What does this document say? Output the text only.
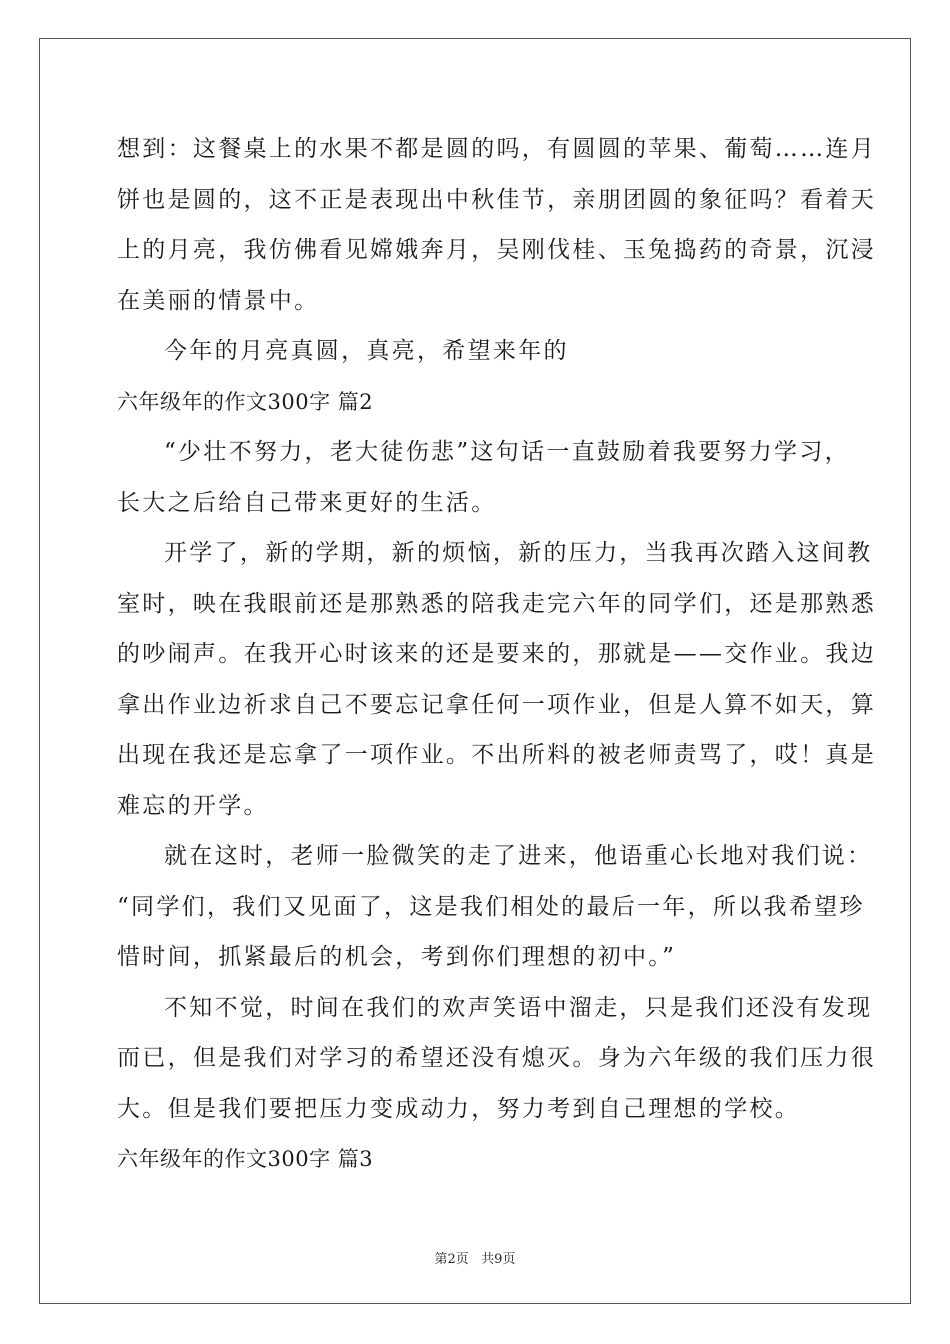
想到：这餐桌上的水果不都是圆的吗，有圆圆的苹果、葡萄……连月
饼也是圆的，这不正是表现出中秋佳节，亲朋团圆的象征吗？看着天
上的月亮，我仿佛看见嫦娥奔月，吴刚伐桂、玉兔捣药的奇景，沉浸
在美丽的情景中。
今年的月亮真圆，真亮，希望来年的
六年级年的作文300字 篇2
“少壮不努力，老大徒伤悲”这句话一直鼓励着我要努力学习，
长大之后给自己带来更好的生活。
开学了，新的学期，新的烦恼，新的压力，当我再次踏入这间教
室时，映在我眼前还是那熟悉的陪我走完六年的同学们，还是那熟悉
的吵闹声。在我开心时该来的还是要来的，那就是——交作业。我边
拿出作业边祈求自己不要忘记拿任何一项作业，但是人算不如天，算
出现在我还是忘拿了一项作业。不出所料的被老师责骂了，哎！真是
难忘的开学。
就在这时，老师一脸微笑的走了进来，他语重心长地对我们说：
“同学们，我们又见面了，这是我们相处的最后一年，所以我希望珍
惜时间，抓紧最后的机会，考到你们理想的初中。”
不知不觉，时间在我们的欢声笑语中溜走，只是我们还没有发现
而已，但是我们对学习的希望还没有熄灭。身为六年级的我们压力很
大。但是我们要把压力变成动力，努力考到自己理想的学校。
六年级年的作文300字 篇3
第2页   共9页
